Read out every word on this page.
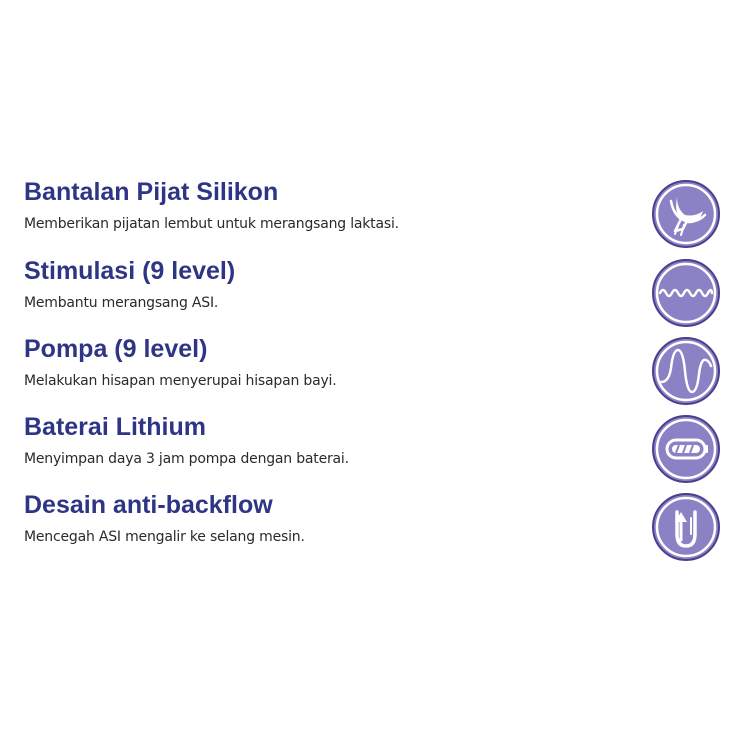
Bantalan Pijat Silikon

Memberikan pijatan lembut untuk merangsang laktasi.

Stimulasi (9 level)

Membantu merangsang ASI.

Pompa (9 level)

Melakukan hisapan menyerupai hisapan bayi.

Baterai Lithium

Menyimpan daya 3 jam pompa dengan baterai.

Desain anti-backflow

Mencegah ASI mengalir ke selang mesin.
